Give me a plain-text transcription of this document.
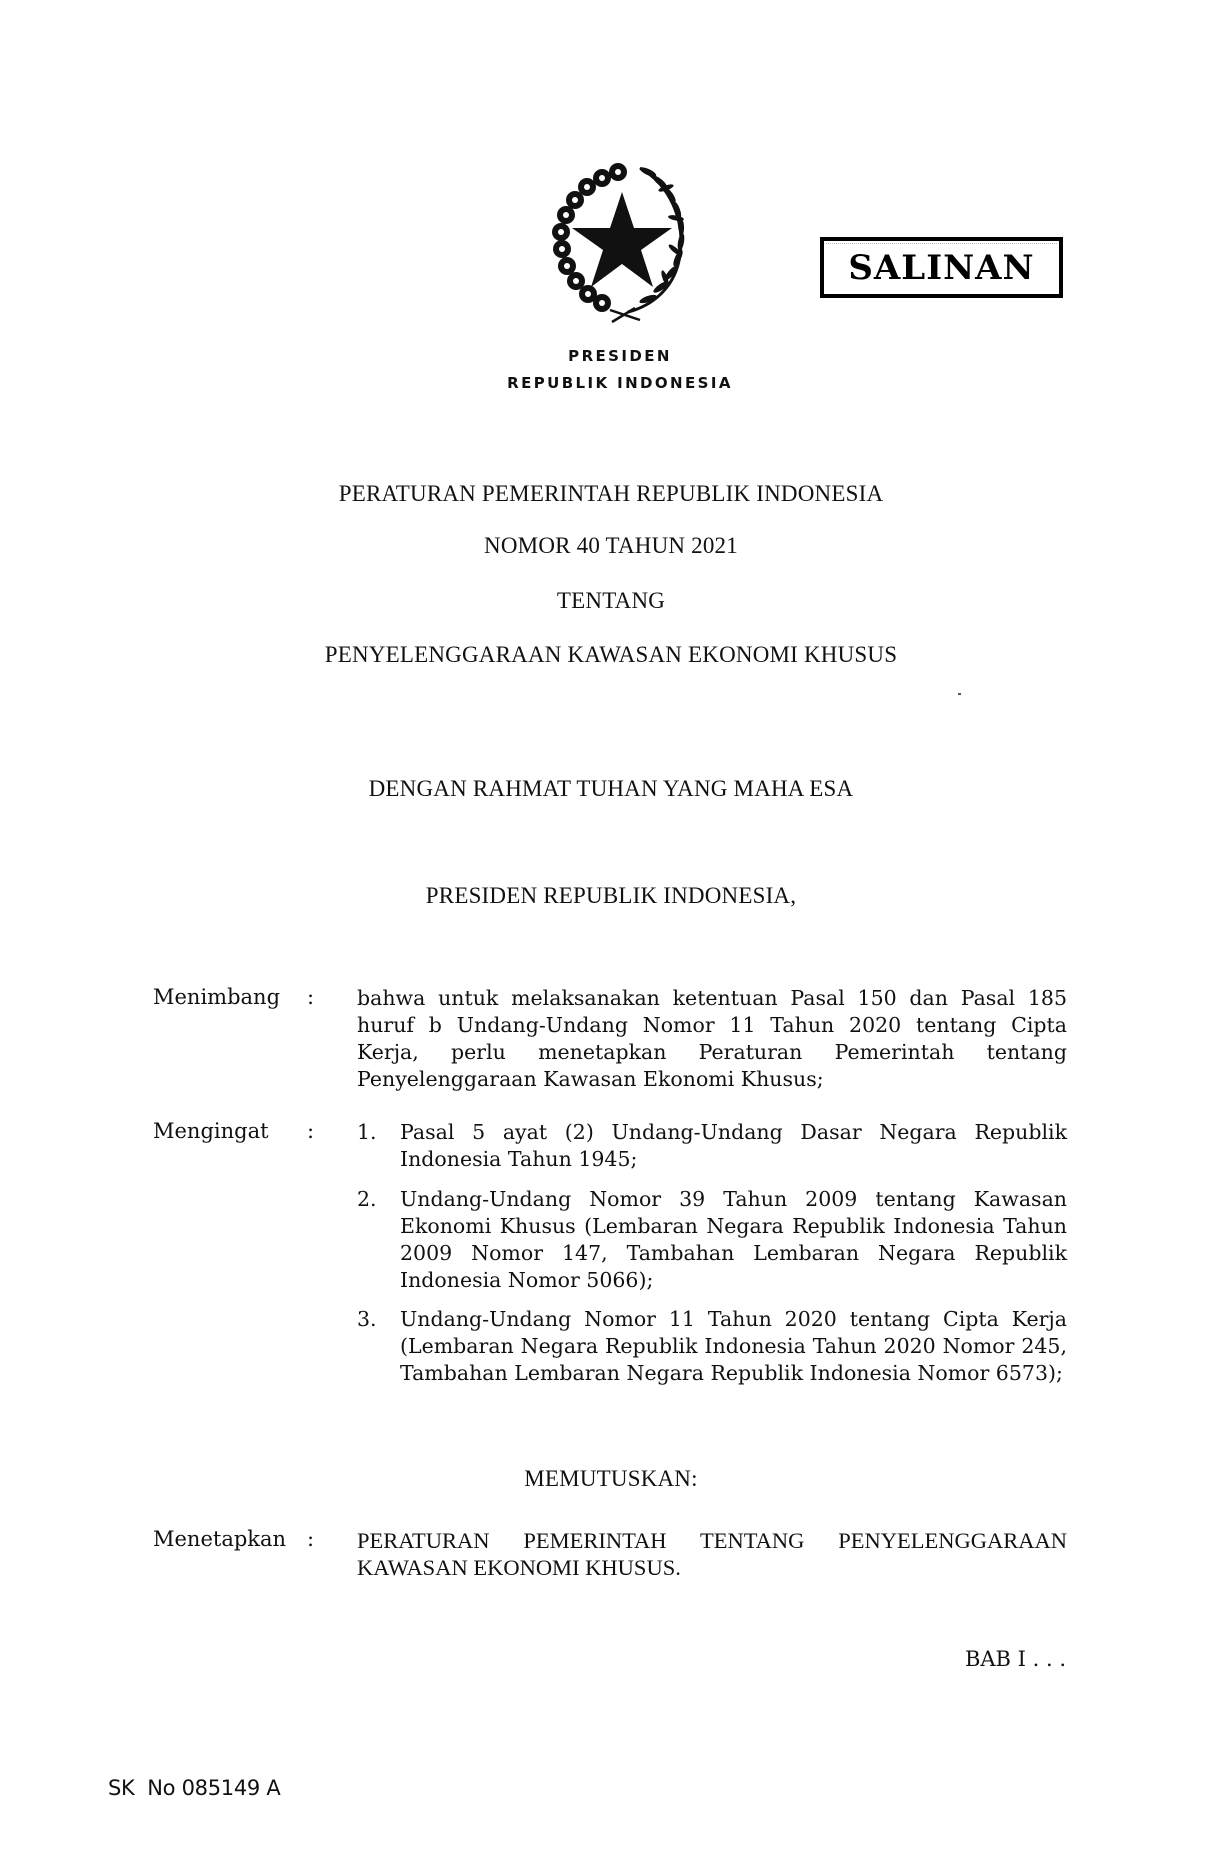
PRESIDEN
REPUBLIK INDONESIA
SALINAN
PERATURAN PEMERINTAH REPUBLIK INDONESIA
NOMOR 40 TAHUN 2021
TENTANG
PENYELENGGARAAN KAWASAN EKONOMI KHUSUS
DENGAN RAHMAT TUHAN YANG MAHA ESA
PRESIDEN REPUBLIK INDONESIA,
Menimbang : bahwa untuk melaksanakan ketentuan Pasal 150 dan Pasal 185 huruf b Undang-Undang Nomor 11 Tahun 2020 tentang Cipta Kerja, perlu menetapkan Peraturan Pemerintah tentang Penyelenggaraan Kawasan Ekonomi Khusus;
Mengingat : 1. Pasal 5 ayat (2) Undang-Undang Dasar Negara Republik Indonesia Tahun 1945;
2. Undang-Undang Nomor 39 Tahun 2009 tentang Kawasan Ekonomi Khusus (Lembaran Negara Republik Indonesia Tahun 2009 Nomor 147, Tambahan Lembaran Negara Republik Indonesia Nomor 5066);
3. Undang-Undang Nomor 11 Tahun 2020 tentang Cipta Kerja (Lembaran Negara Republik Indonesia Tahun 2020 Nomor 245, Tambahan Lembaran Negara Republik Indonesia Nomor 6573);
MEMUTUSKAN:
Menetapkan : PERATURAN PEMERINTAH TENTANG PENYELENGGARAAN KAWASAN EKONOMI KHUSUS.
BAB I . . .
SK  No 085149 A
